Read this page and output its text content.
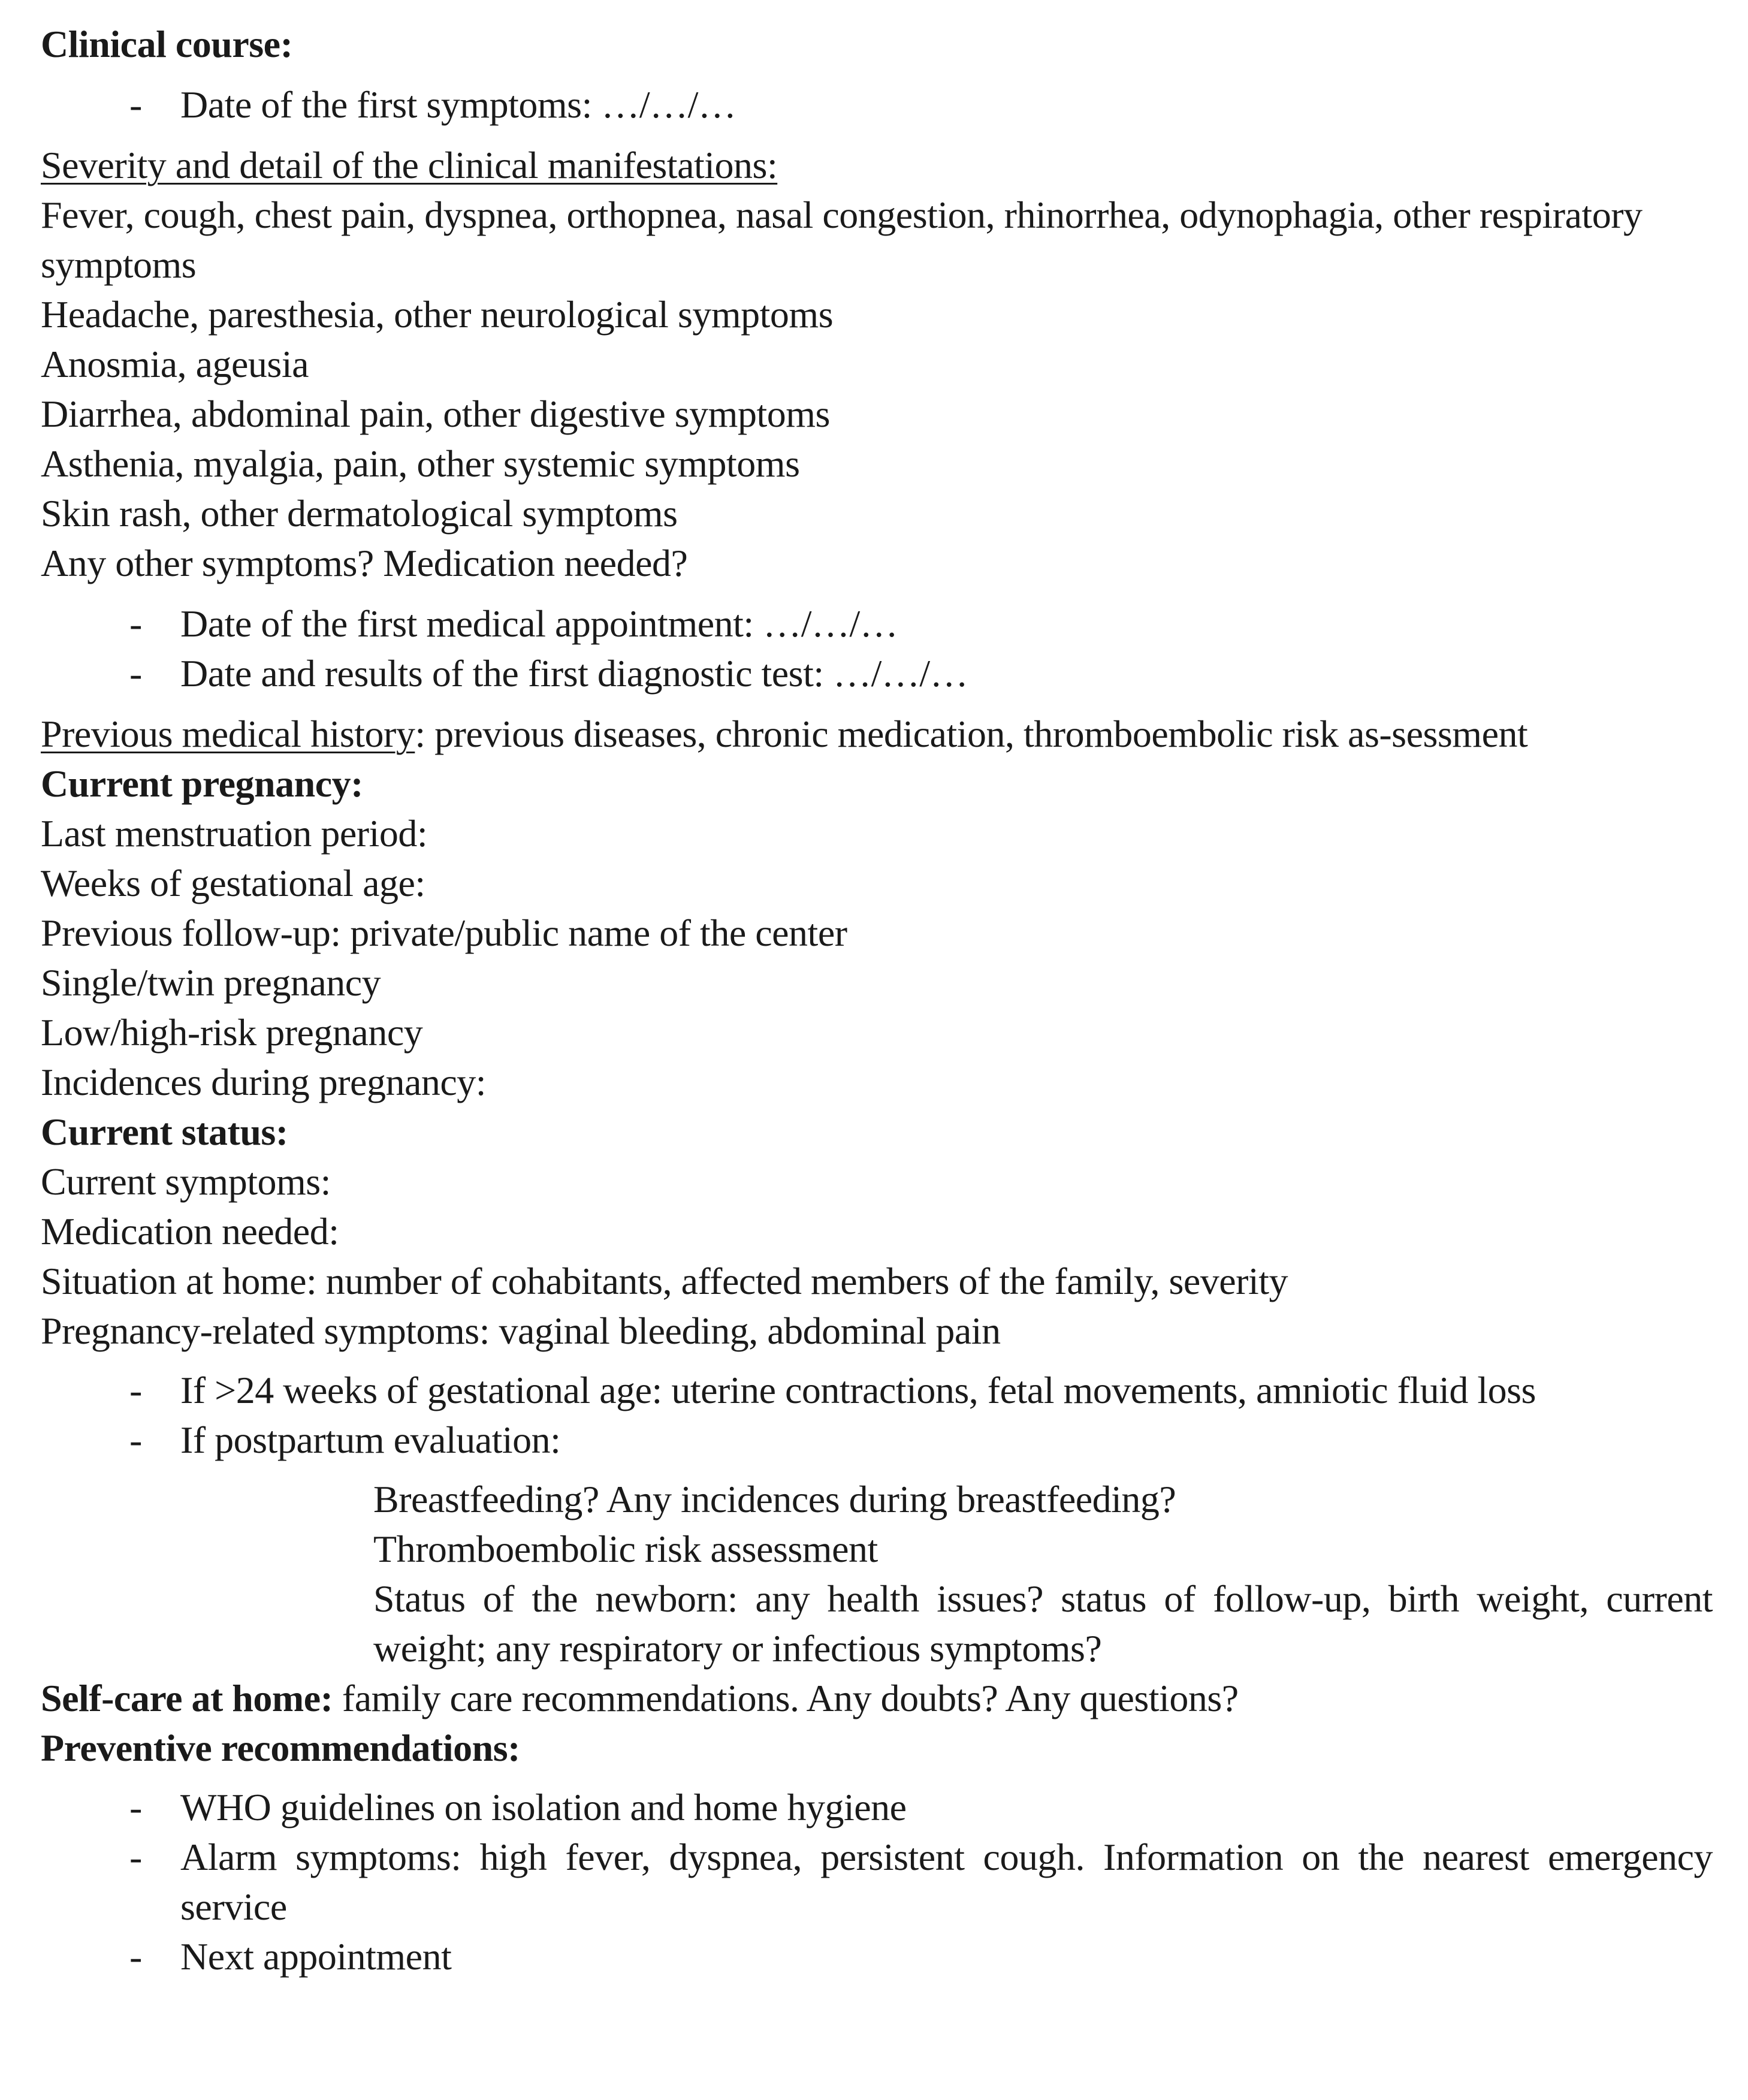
Clinical course:
-	Date of the first symptoms: …/…/…
Severity and detail of the clinical manifestations:
Fever, cough, chest pain, dyspnea, orthopnea, nasal congestion, rhinorrhea, odynophagia, other respiratory symptoms
Headache, paresthesia, other neurological symptoms
Anosmia, ageusia
Diarrhea, abdominal pain, other digestive symptoms
Asthenia, myalgia, pain, other systemic symptoms
Skin rash, other dermatological symptoms
Any other symptoms? Medication needed?
-	Date of the first medical appointment: …/…/…
-	Date and results of the first diagnostic test: …/…/…
Previous medical history: previous diseases, chronic medication, thromboembolic risk as-sessment
Current pregnancy:
Last menstruation period:
Weeks of gestational age:
Previous follow-up: private/public name of the center
Single/twin pregnancy
Low/high-risk pregnancy
Incidences during pregnancy:
Current status:
Current symptoms:
Medication needed:
Situation at home: number of cohabitants, affected members of the family, severity
Pregnancy-related symptoms: vaginal bleeding, abdominal pain
-	If >24 weeks of gestational age: uterine contractions, fetal movements, amniotic fluid loss
-	If postpartum evaluation:
Breastfeeding? Any incidences during breastfeeding?
Thromboembolic risk assessment
Status of the newborn: any health issues? status of follow-up, birth weight, current weight; any respiratory or infectious symptoms?
Self-care at home: family care recommendations. Any doubts? Any questions?
Preventive recommendations:
-	WHO guidelines on isolation and home hygiene
-	Alarm symptoms: high fever, dyspnea, persistent cough. Information on the nearest emergency service
-	Next appointment
